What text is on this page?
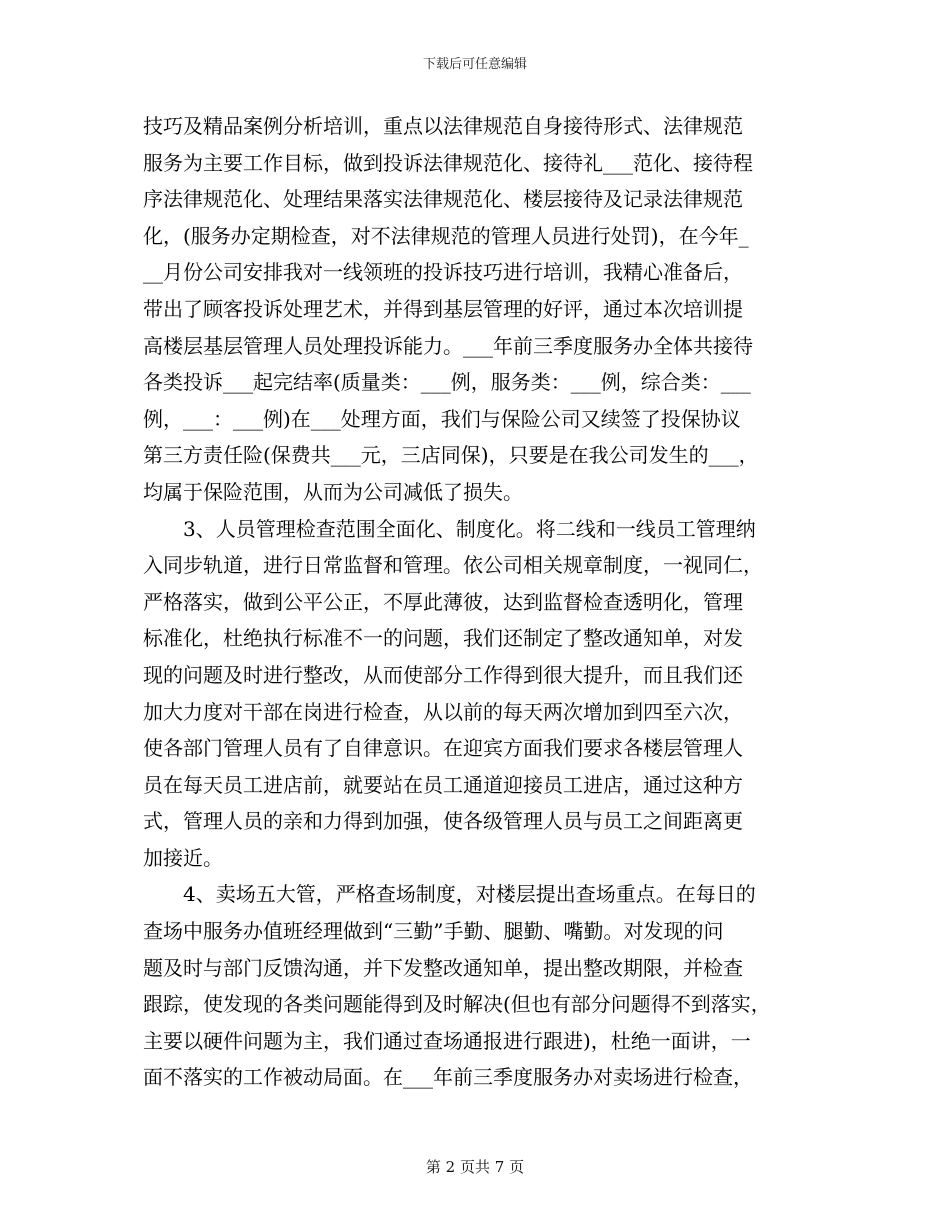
下载后可任意编辑
技巧及精品案例分析培训，重点以法律规范自身接待形式、法律规范
服务为主要工作目标，做到投诉法律规范化、接待礼___范化、接待程
序法律规范化、处理结果落实法律规范化、楼层接待及记录法律规范
化，(服务办定期检查，对不法律规范的管理人员进行处罚)，在今年_
__月份公司安排我对一线领班的投诉技巧进行培训，我精心准备后，
带出了顾客投诉处理艺术，并得到基层管理的好评，通过本次培训提
高楼层基层管理人员处理投诉能力。___年前三季度服务办全体共接待
各类投诉___起完结率(质量类：___例，服务类：___例，综合类：___
例，___：___例)在___处理方面，我们与保险公司又续签了投保协议
第三方责任险(保费共___元，三店同保)，只要是在我公司发生的___，
均属于保险范围，从而为公司减低了损失。
　　3、人员管理检查范围全面化、制度化。将二线和一线员工管理纳
入同步轨道，进行日常监督和管理。依公司相关规章制度，一视同仁，
严格落实，做到公平公正，不厚此薄彼，达到监督检查透明化，管理
标准化，杜绝执行标准不一的问题，我们还制定了整改通知单，对发
现的问题及时进行整改，从而使部分工作得到很大提升，而且我们还
加大力度对干部在岗进行检查，从以前的每天两次增加到四至六次，
使各部门管理人员有了自律意识。在迎宾方面我们要求各楼层管理人
员在每天员工进店前，就要站在员工通道迎接员工进店，通过这种方
式，管理人员的亲和力得到加强，使各级管理人员与员工之间距离更
加接近。
　　4、卖场五大管，严格查场制度，对楼层提出查场重点。在每日的
查场中服务办值班经理做到“三勤”手勤、腿勤、嘴勤。对发现的问
题及时与部门反馈沟通，并下发整改通知单，提出整改期限，并检查
跟踪，使发现的各类问题能得到及时解决(但也有部分问题得不到落实，
主要以硬件问题为主，我们通过查场通报进行跟进)，杜绝一面讲，一
面不落实的工作被动局面。在___年前三季度服务办对卖场进行检查，
第 2 页共 7 页
